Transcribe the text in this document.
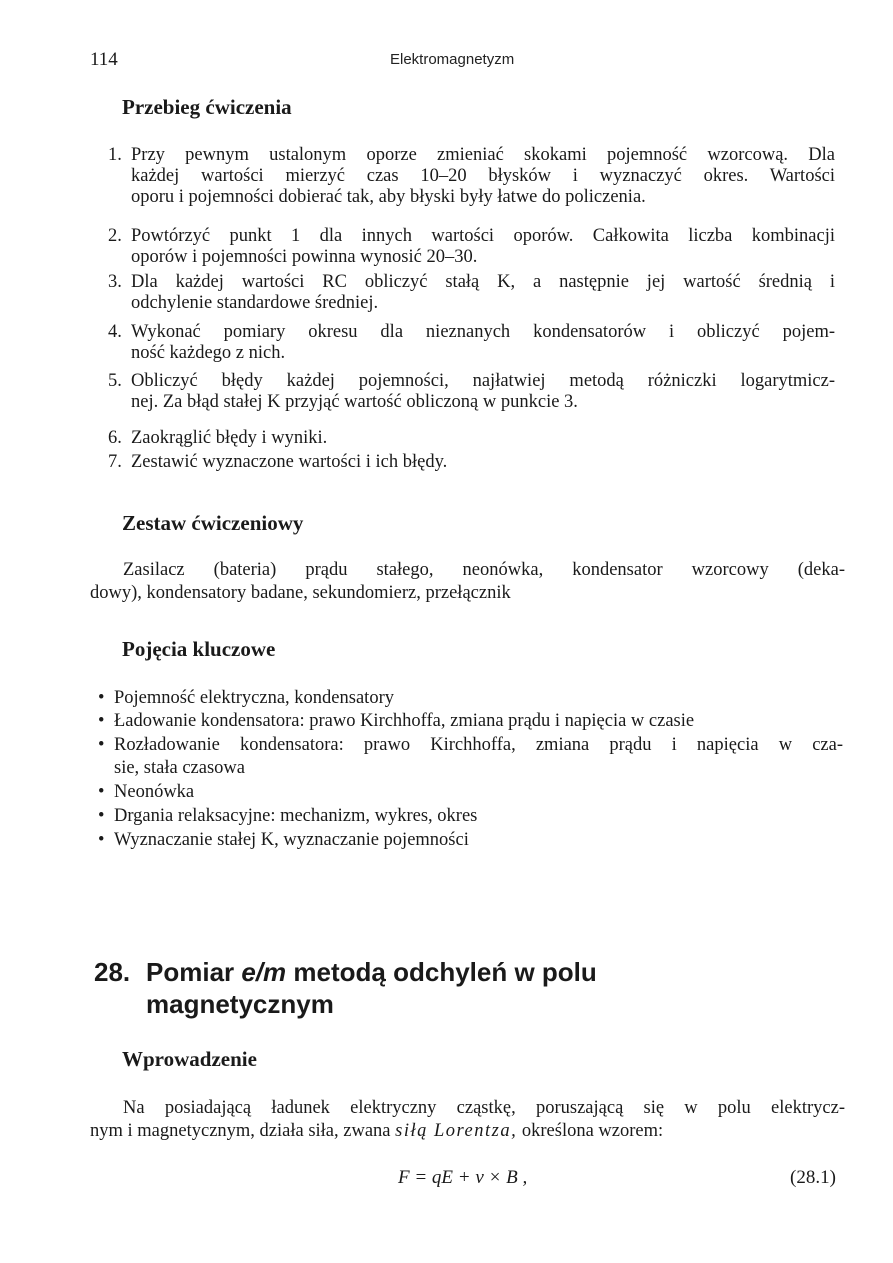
114	Elektromagnetyzm
Przebieg ćwiczenia
1. Przy pewnym ustalonym oporze zmieniać skokami pojemność wzorcową. Dla
każdej wartości mierzyć czas 10–20 błysków i wyznaczyć okres. Wartości
oporu i pojemności dobierać tak, aby błyski były łatwe do policzenia.
2. Powtórzyć punkt 1 dla innych wartości oporów. Całkowita liczba kombinacji
oporów i pojemności powinna wynosić 20–30.
3. Dla każdej wartości RC obliczyć stałą K, a następnie jej wartość średnią i
odchylenie standardowe średniej.
4. Wykonać pomiary okresu dla nieznanych kondensatorów i obliczyć pojem-
ność każdego z nich.
5. Obliczyć błędy każdej pojemności, najłatwiej metodą różniczki logarytmicz-
nej. Za błąd stałej K przyjąć wartość obliczoną w punkcie 3.
6. Zaokrąglić błędy i wyniki.
7. Zestawić wyznaczone wartości i ich błędy.
Zestaw ćwiczeniowy

Zasilacz (bateria) prądu stałego, neonówka, kondensator wzorcowy (deka-
dowy), kondensatory badane, sekundomierz, przełącznik

Pojęcia kluczowe
• Pojemność elektryczna, kondensatory
• Ładowanie kondensatora: prawo Kirchhoffa, zmiana prądu i napięcia w czasie
• Rozładowanie kondensatora: prawo Kirchhoffa, zmiana prądu i napięcia w cza-
sie, stała czasowa
• Neonówka
• Drgania relaksacyjne: mechanizm, wykres, okres
• Wyznaczanie stałej K, wyznaczanie pojemności
28. Pomiar e/m metodą odchyleń w polu
magnetycznym
Wprowadzenie

Na posiadającą ładunek elektryczny cząstkę, poruszającą się w polu elektrycz-
nym i magnetycznym, działa siła, zwana siłą Lorentza, określona wzorem:

F = qE + v × B ,	(28.1)
